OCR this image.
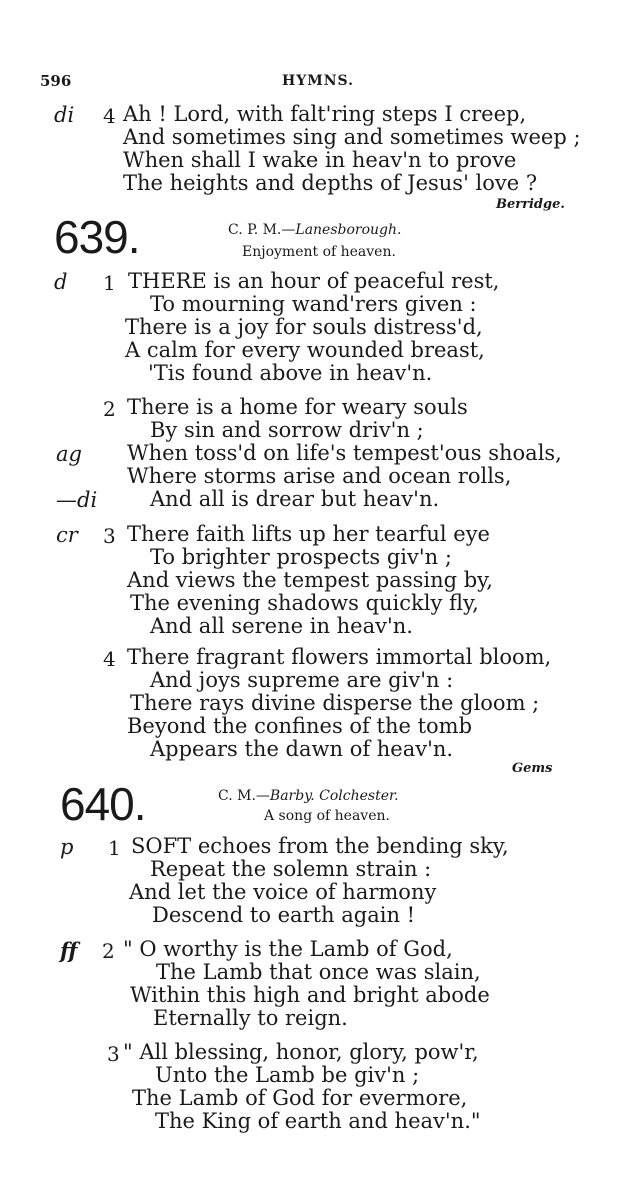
596	HYMNS.
di 4 Ah ! Lord, with falt'ring steps I creep,
And sometimes sing and sometimes weep ;
When shall I wake in heav'n to prove
The heights and depths of Jesus' love ?
Berridge.
639.	C. P. M.—Lanesborough.
Enjoyment of heaven.
d 1 THERE is an hour of peaceful rest,
To mourning wand'rers given :
There is a joy for souls distress'd,
A calm for every wounded breast,
'Tis found above in heav'n.
2 There is a home for weary souls
By sin and sorrow driv'n ;
ag When toss'd on life's tempest'ous shoals,
Where storms arise and ocean rolls,
—di	And all is drear but heav'n.
cr 3 There faith lifts up her tearful eye
To brighter prospects giv'n ;
And views the tempest passing by,
The evening shadows quickly fly,
And all serene in heav'n.
4 There fragrant flowers immortal bloom,
And joys supreme are giv'n :
There rays divine disperse the gloom ;
Beyond the confines of the tomb
Appears the dawn of heav'n.
Gems
640.	C. M.—Barby. Colchester.
A song of heaven.
p 1 SOFT echoes from the bending sky,
Repeat the solemn strain :
And let the voice of harmony
Descend to earth again !
ff 2 " O worthy is the Lamb of God,
The Lamb that once was slain,
Within this high and bright abode
Eternally to reign.
3 " All blessing, honor, glory, pow'r,
Unto the Lamb be giv'n ;
The Lamb of God for evermore,
The King of earth and heav'n."
